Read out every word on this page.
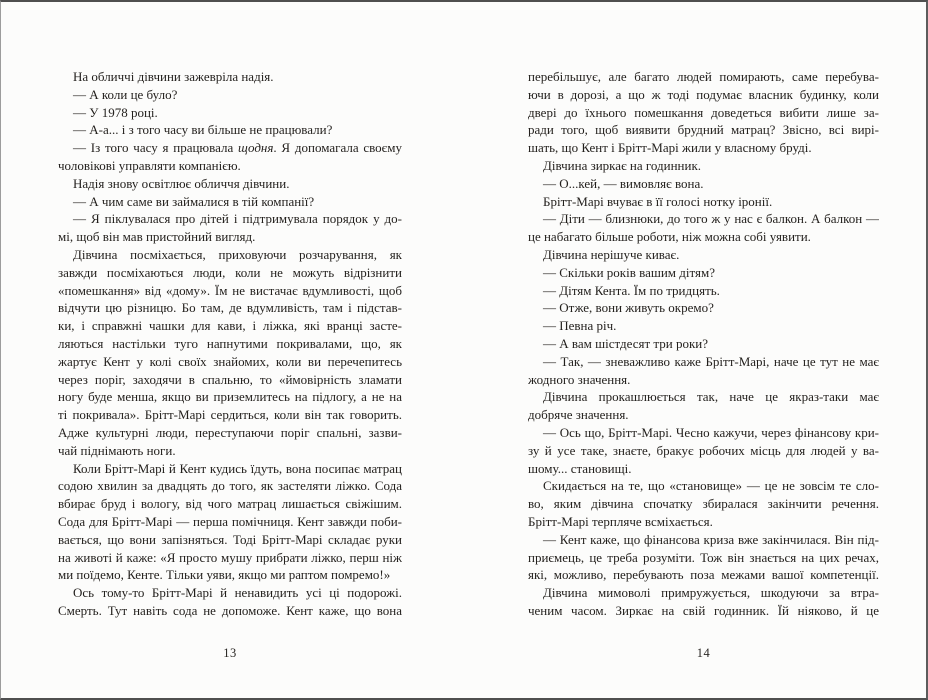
На обличчі дівчини зажевріла надія.
— А коли це було?
— У 1978 році.
— А-а... і з того часу ви більше не працювали?
— Із того часу я працювала щодня. Я допомагала своєму
чоловікові управляти компанією.
Надія знову освітлює обличчя дівчини.
— А чим саме ви займалися в тій компанії?
— Я піклувалася про дітей і підтримувала порядок у до-
мі, щоб він мав пристойний вигляд.
Дівчина посміхається, приховуючи розчарування, як
завжди посміхаються люди, коли не можуть відрізнити
«помешкання» від «дому». Їм не вистачає вдумливості, щоб
відчути цю різницю. Бо там, де вдумливість, там і підстав-
ки, і справжні чашки для кави, і ліжка, які вранці засте-
ляються настільки туго напнутими покривалами, що, як
жартує Кент у колі своїх знайомих, коли ви перечепитесь
через поріг, заходячи в спальню, то «ймовірність зламати
ногу буде менша, якщо ви приземлитесь на підлогу, а не на
ті покривала». Брітт-Марі сердиться, коли він так говорить.
Адже культурні люди, переступаючи поріг спальні, зазви-
чай піднімають ноги.
Коли Брітт-Марі й Кент кудись їдуть, вона посипає матрац
содою хвилин за двадцять до того, як застеляти ліжко. Сода
вбирає бруд і вологу, від чого матрац лишається свіжішим.
Сода для Брітт-Марі — перша помічниця. Кент завжди поби-
вається, що вони запізняться. Тоді Брітт-Марі складає руки
на животі й каже: «Я просто мушу прибрати ліжко, перш ніж
ми поїдемо, Кенте. Тільки уяви, якщо ми раптом помремо!»
Ось тому-то Брітт-Марі й ненавидить усі ці подорожі.
Смерть. Тут навіть сода не допоможе. Кент каже, що вона
13
перебільшує, але багато людей помирають, саме перебува-
ючи в дорозі, а що ж тоді подумає власник будинку, коли
двері до їхнього помешкання доведеться вибити лише за-
ради того, щоб виявити брудний матрац? Звісно, всі вирі-
шать, що Кент і Брітт-Марі жили у власному бруді.
Дівчина зиркає на годинник.
— О...кей, — вимовляє вона.
Брітт-Марі вчуває в її голосі нотку іронії.
— Діти — близнюки, до того ж у нас є балкон. А балкон —
це набагато більше роботи, ніж можна собі уявити.
Дівчина нерішуче киває.
— Скільки років вашим дітям?
— Дітям Кента. Їм по тридцять.
— Отже, вони живуть окремо?
— Певна річ.
— А вам шістдесят три роки?
— Так, — зневажливо каже Брітт-Марі, наче це тут не має
жодного значення.
Дівчина прокашлюється так, наче це якраз-таки має
добряче значення.
— Ось що, Брітт-Марі. Чесно кажучи, через фінансову кри-
зу й усе таке, знаєте, бракує робочих місць для людей у ва-
шому... становищі.
Скидається на те, що «становище» — це не зовсім те сло-
во, яким дівчина спочатку збиралася закінчити речення.
Брітт-Марі терпляче всміхається.
— Кент каже, що фінансова криза вже закінчилася. Він під-
приємець, це треба розуміти. Тож він знається на цих речах,
які, можливо, перебувають поза межами вашої компетенції.
Дівчина мимоволі примружується, шкодуючи за втра-
ченим часом. Зиркає на свій годинник. Їй ніяково, й це
14
